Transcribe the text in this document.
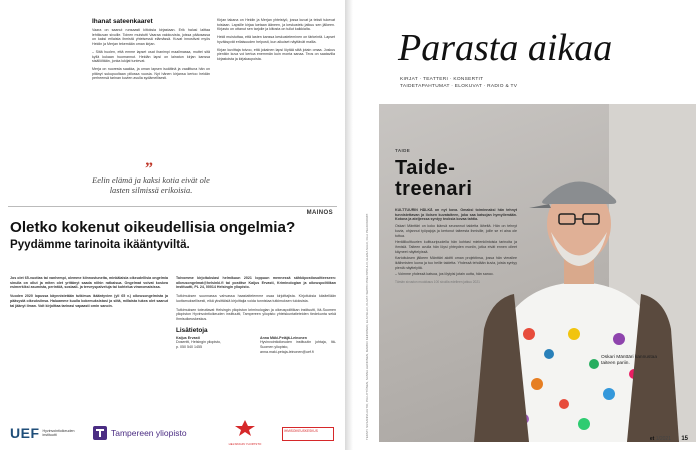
Ihanat sateenkaaret
Vaara on saanut runsaasti kiitoksia kirjastaan. Erik halusi laittaa lehtikuvan sivuille. Toinen muistutti Vaaraa valokuvista, joissa pääosassa on kaksi erilaista ihmistä yhteisessä elämässä. Kuvat innostivat myös Heidin ja Merjan tekemään oman kirjan.
– Siitä huolen, että emme lapset osat ihanimpi maailmassa, muttei sitä kyllä kukaan huomannut. Heidän lapsi on lainatun kirjan kanssa sisällöltään, jonka lukijat tuntevat.
Merja on nuoresta saakka, ja oman lapsen isoäitinä ja vaalittuna hän on pitänyt sukupuoltaan piilossa vuosia. Nyt hänen kirjansa kertoo heidän perheensä tarinan kuvien avulla sydämellisesti.
Kirjan takana on Heidin ja Merjan yhteistyö, jossa kuvat ja teksti tukevat toisiaan. Lapsille kirjaa luetaan ääneen, ja keskustelu jatkuu sen jälkeen. Kirjasto on ottanut sen tarjolle ja kiitosta on tullut kaikkialta.
Heidi muistuttaa, että lasten kanssa keskusteleminen on tärkeintä. Lapset hyväksyvät erilaisuuden helposti, kun aikuiset näyttävät mallia.
Kirjan kuvittaja toivoo, että jokainen lapsi löytää siitä jotain omaa. Joskus pienikin kuva voi kertoa enemmän kuin monta sanaa. Teos on saatavilla kirjastoista ja kirjakaupoista.
”
Eelin elämä ja kaksi kotia eivät ole lasten silmissä erikoisia.
MAINOS
Oletko kokenut oikeudellisia ongelmia?
Pyydämme tarinoita ikääntyviltä.
Jos olet 65-vuotias tai vanhempi, olemme kiinnostuneita, minkälaisia oikeudellisia ongelmia sinulla on ollut ja miten olet yrittänyt saada niihin ratkaisua. Ongelmat voivat koskea esimerkiksi asumista, perintöä, sosiaali- ja terveyspalveluja tai kohtelua viranomaisissa.
Vuoden 2020 lopussa käynnistetään tutkimus ikääntyvien (yli 65 v.) oikeusongelmista ja pääsystä oikeuksiinsa. Haluamme kuulla kokemuksistasi ja siitä, millaista tukea olet saanut tai jäänyt ilman. Voit kirjoittaa tarinasi vapaasti omin sanoin.
Toivomme kirjoituksiasi helmikuun 2021 loppuun mennessä sähköpostiosoitteeseen: oikeusongelmat@helsinki.fi tai postitse Kaijus Ervasti, Kriminologian ja oikeuspolitiikan instituutti, PL 24, 00014 Helsingin yliopisto.
Tutkimuksen suunnassa vahvassa haastattelemme osaa kirjoittajista. Kirjoituksia käsitellään luottamuksellisesti, eikä yksittäisiä kirjoittajia voida tunnistaa tutkimuksen tuloksista.
Tutkimuksen toteuttavat Helsingin yliopiston kriminologian ja oikeuspolitiikan instituutti, Itä-Suomen yliopiston Hyvinvointioikeuden instituutti, Tampereen yliopisto yhteiskuntatieteiden tiedekunta sekä Ihmisoikeuskeskus.
Lisätietoja
Kaijus Ervasti
Dosentti, Helsingin yliopisto,
p. 050 540 1455
Anna Mäki-Petäjä-Leinonen
Hyvinvointioikeuden instituutin johtaja, Itä-Suomen yliopisto,
anna.maki-petaja-leinonen@uef.fi
UEF Hyvinvointioikeuden instituutti	Tampereen yliopisto
HELSINGIN YLIOPISTO
IHMISOIKEUSKESKUS
Parasta aikaa
KIRJAT · TEATTERI · KONSERTIT
TAIDETAPAHTUMAT · ELOKUVAT · RADIO & TV
TEKSTI: SUSANNA AUTIO, PIA HYTÖNEN, SANNA LEINONEN, MARKO KEINONEN, ELSI SILLO, KUVAT: SEPPO POELTIPOULVI, ELENA SALO, OLLI PELKOKORPI
TAIDE
Taide-
treenari
KULTTUURIN HÄLKÄ on nyt kova. Omaksi toiminnaksi hän tehnyt tunnistettavan ja iloisen kuvataiteen, joka saa katsojan hymyilemään. Kotona ja ateljeessa syntyy teoksia kovaa tahtia.
Oskari Mänttäri on koko ikänsä seurannut taidetta läheltä. Hän on tehnyt kuvia, ohjannut työpajoja ja kertonut taiteesta ihmisille, joille se ei aina ole tuttua.
Heräilikulttuurien kulttuuripuolella hän kohtasi mielenkiintoisia tarinoita ja ihmisiä. Taiteen avulla hän löysi yhteyden moniin, jotka eivät ennen olleet käyneet näyttelyissä.
Kartoituksen jälkeen Mänttäri aloitti oman projektinsa, jossa hän vierailee ikäihmisten luona ja tuo heille taidetta. Yhdessä tehdään kuvia, joista syntyy pieniä näyttelyitä.
– Voimme yhdessä katsoa, jos löytyisi jotain uutta, hän sanoo.
Tämän sivuston muokkaus 100 sivuilla edelleen jatkuu 2021
Oskari Mänttäri kannustaa taiteen pariin.
et 1/2021 15
